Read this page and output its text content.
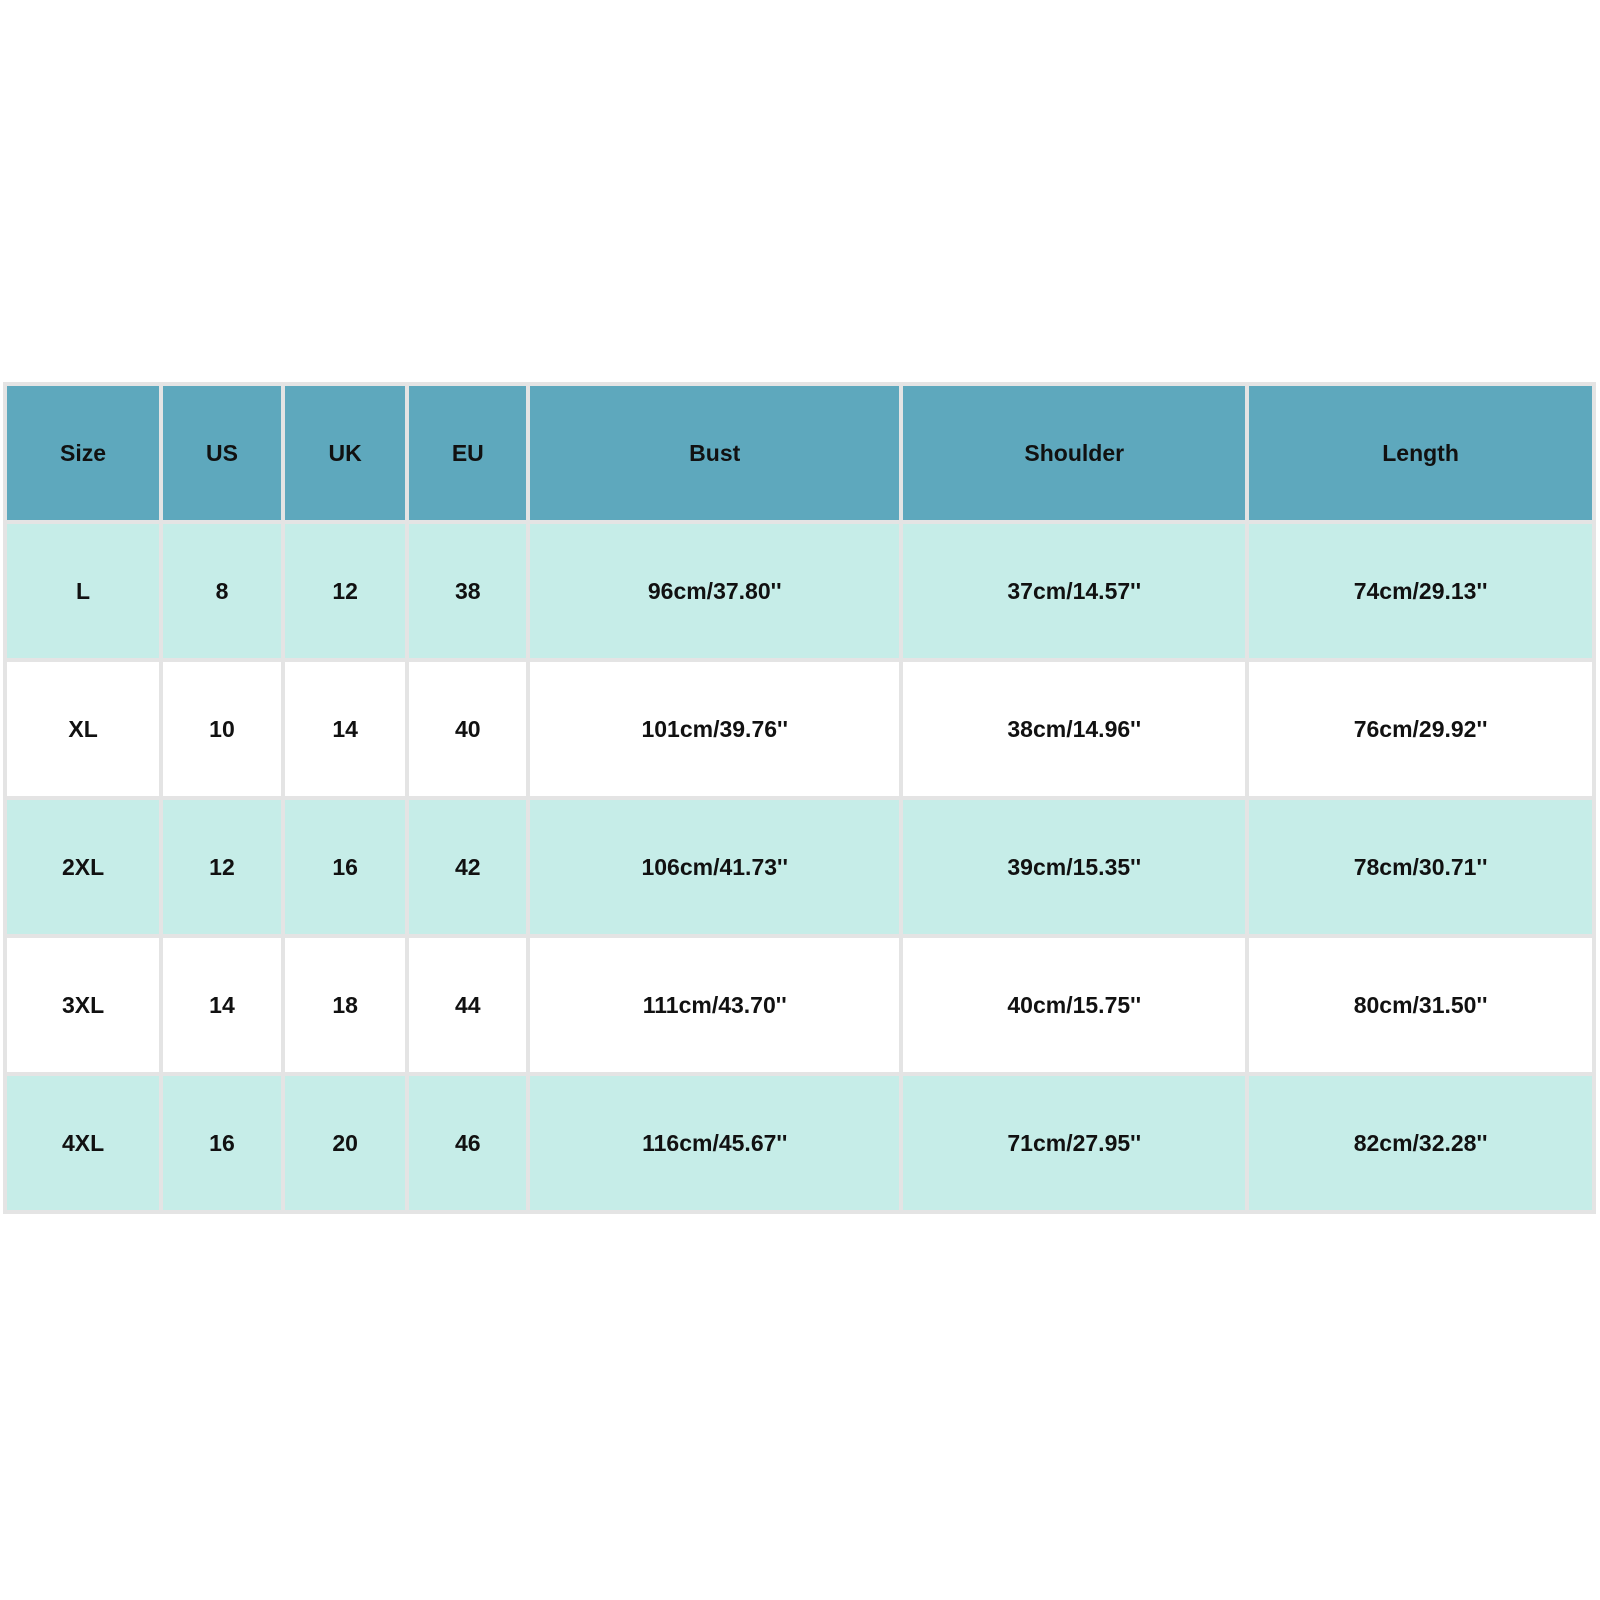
Size	US	UK	EU	Bust	Shoulder	Length
L	8	12	38	96cm/37.80''	37cm/14.57''	74cm/29.13''
XL	10	14	40	101cm/39.76''	38cm/14.96''	76cm/29.92''
2XL	12	16	42	106cm/41.73''	39cm/15.35''	78cm/30.71''
3XL	14	18	44	111cm/43.70''	40cm/15.75''	80cm/31.50''
4XL	16	20	46	116cm/45.67''	71cm/27.95''	82cm/32.28''
